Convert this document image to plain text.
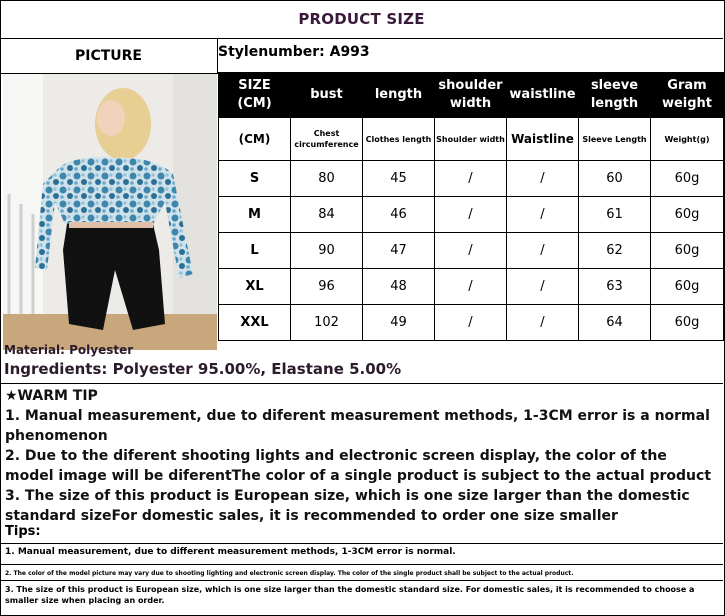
PRODUCT SIZE
PICTURE	Stylenumber: A993
SIZE (CM)	bust	length	shoulder width	waistline	sleeve length	Gram weight
(CM)	Chest circumference	Clothes length	Shoulder width	Waistline	Sleeve Length	Weight(g)
S	80	45	/	/	60	60g
M	84	46	/	/	61	60g
L	90	47	/	/	62	60g
XL	96	48	/	/	63	60g
XXL	102	49	/	/	64	60g
Material: Polyester
Ingredients: Polyester 95.00%, Elastane 5.00%

★WARM TIP

1. Manual measurement, due to diferent measurement methods, 1-3CM error is a normal phenomenon

2. Due to the diferent shooting lights and electronic screen display, the color of the model image will be diferentThe color of a single product is subject to the actual product

3. The size of this product is European size, which is one size larger than the domestic standard sizeFor domestic sales, it is recommended to order one size smaller

Tips:
1. Manual measurement, due to different measurement methods, 1-3CM error is normal.
2. The color of the model picture may vary due to shooting lighting and electronic screen display. The color of the single product shall be subject to the actual product.
3. The size of this product is European size, which is one size larger than the domestic standard size. For domestic sales, it is recommended to choose a smaller size when placing an order.
